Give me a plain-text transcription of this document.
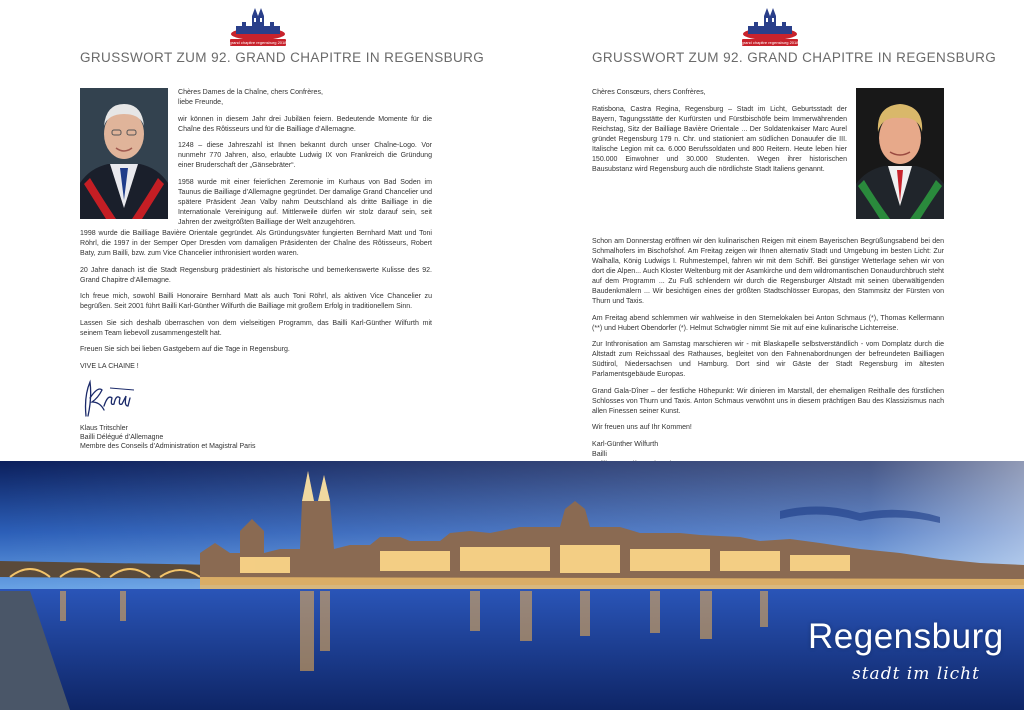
grand chapitre regensburg 2018	grand chapitre regensburg 2018
GRUSSWORT ZUM 92. GRAND CHAPITRE IN REGENSBURG	GRUSSWORT ZUM 92. GRAND CHAPITRE IN REGENSBURG

Chères Dames de la Chaîne, chers Confrères,

liebe Freunde,

wir können in diesem Jahr drei Jubiläen feiern. Bedeutende Momente für die Chaîne des Rôtisseurs und für die Bailliage d’Allemagne.

1248 – diese Jahreszahl ist Ihnen bekannt durch unser Chaîne-Logo. Vor nunmehr 770 Jahren, also, erlaubte Ludwig IX von Frankreich die Gründung einer Bruderschaft der „Gänsebräter“.

1958 wurde mit einer feierlichen Zeremonie im Kurhaus von Bad Soden im Taunus die Bailliage d’Allemagne gegründet. Der damalige Grand Chancelier und spätere Präsident Jean Valby nahm Deutschland als dritte Bailliage in die Internationale Vereinigung auf. Mittlerweile dürfen wir stolz darauf sein, seit Jahren der zweitgrößten Bailliage der Welt anzugehören.

1998 wurde die Bailliage Bavière Orientale gegründet. Als Gründungsväter fungierten Bernhard Matt und Toni Röhrl, die 1997 in der Semper Oper Dresden vom damaligen Präsidenten der Chaîne des Rôtisseurs, Robert Baty, zum Bailli, bzw. zum Vice Chancelier inthronisiert worden waren.

20 Jahre danach ist die Stadt Regensburg prädestiniert als historische und bemerkenswerte Kulisse des 92. Grand Chapitre d’Allemagne.

Ich freue mich, sowohl Bailli Honoraire Bernhard Matt als auch Toni Röhrl, als aktiven Vice Chancelier zu begrüßen. Seit 2001 führt Bailli Karl-Günther Wilfurth die Bailliage mit großem Erfolg in traditionellem Sinn.

Lassen Sie sich deshalb überraschen von dem vielseitigen Programm, das Bailli Karl-Günther Wilfurth mit seinem Team liebevoll zusammengestellt hat.

Freuen Sie sich bei lieben Gastgebern auf die Tage in Regensburg.

VIVE LA CHAINE !

Klaus Tritschler
Bailli Délégué d’Allemagne
Membre des Conseils d’Administration et Magistral Paris

Chères Consœurs, chers Confrères,

Ratisbona, Castra Regina, Regensburg – Stadt im Licht, Geburtsstadt der Bayern, Tagungsstätte der Kurfürsten und Fürstbischöfe beim Immerwährenden Reichstag, Sitz der Bailliage Bavière Orientale ... Der Soldatenkaiser Marc Aurel gründet Regensburg 179 n. Chr. und stationiert am südlichen Donauufer die III. Italische Legion mit ca. 6.000 Berufssoldaten und 800 Reitern. Heute leben hier 150.000 Einwohner und 30.000 Studenten. Wegen ihrer historischen Bausubstanz wird Regensburg auch die nördlichste Stadt Italiens genannt.

Schon am Donnerstag eröffnen wir den kulinarischen Reigen mit einem Bayerischen Begrüßungsabend bei den Schmalhofers im Bischofshof. Am Freitag zeigen wir Ihnen alternativ Stadt und Umgebung im besten Licht: Zur Walhalla, König Ludwigs I. Ruhmestempel, fahren wir mit dem Schiff. Bei günstiger Wetterlage sehen wir von dort die Alpen... Auch Kloster Weltenburg mit der Asamkirche und dem wildromantischen Donaudurchbruch steht auf dem Programm ... Zu Fuß schlendern wir durch die Regensburger Altstadt mit seinen überwältigenden Baudenkmälern ... Wir besichtigen eines der größten Stadtschlösser Europas, den Stammsitz der Fürsten von Thurn und Taxis.

Am Freitag abend schlemmen wir wahlweise in den Sternelokalen bei Anton Schmaus (*), Thomas Kellermann (**) und Hubert Obendorfer (*). Helmut Schwögler nimmt Sie mit auf eine kulinarische Lichterreise.

Zur Inthronisation am Samstag marschieren wir - mit Blaskapelle selbstverständlich - vom Domplatz durch die Altstadt zum Reichssaal des Rathauses, begleitet von den Fahnenabordnungen der befreundeten Bailliagen Südtirol, Niedersachsen und Hamburg. Dort sind wir Gäste der Stadt Regensburg im ältesten Parlamentsgebäude Europas.

Grand Gala-Dîner – der festliche Höhepunkt: Wir dinieren im Marstall, der ehemaligen Reithalle des fürstlichen Schlosses von Thurn und Taxis. Anton Schmaus verwöhnt uns in diesem prächtigen Bau des Klassizismus nach allen Finessen seiner Kunst.

Wir freuen uns auf Ihr Kommen!

Karl-Günther Wilfurth

Bailli

Regensburg
stadt im licht
